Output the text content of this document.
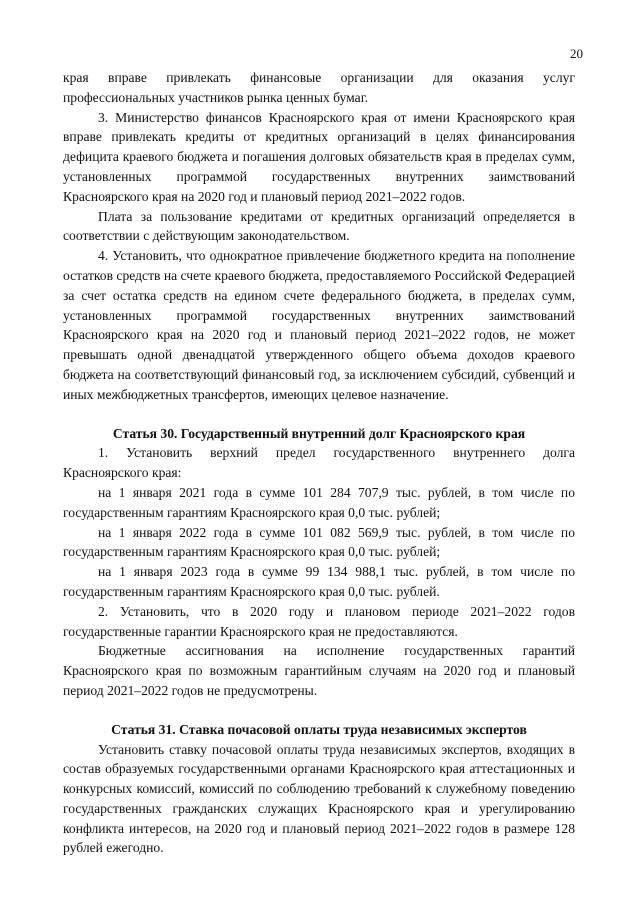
20

края вправе привлекать финансовые организации для оказания услуг профессиональных участников рынка ценных бумаг.

3. Министерство финансов Красноярского края от имени Красноярского края вправе привлекать кредиты от кредитных организаций в целях финансирования дефицита краевого бюджета и погашения долговых обязательств края в пределах сумм, установленных программой государственных внутренних заимствований Красноярского края на 2020 год и плановый период 2021–2022 годов.

Плата за пользование кредитами от кредитных организаций определяется в соответствии с действующим законодательством.

4. Установить, что однократное привлечение бюджетного кредита на пополнение остатков средств на счете краевого бюджета, предоставляемого Российской Федерацией за счет остатка средств на едином счете федерального бюджета, в пределах сумм, установленных программой государственных внутренних заимствований Красноярского края на 2020 год и плановый период 2021–2022 годов, не может превышать одной двенадцатой утвержденного общего объема доходов краевого бюджета на соответствующий финансовый год, за исключением субсидий, субвенций и иных межбюджетных трансфертов, имеющих целевое назначение.

Статья 30. Государственный внутренний долг Красноярского края

1. Установить верхний предел государственного внутреннего долга Красноярского края:

на 1 января 2021 года в сумме 101 284 707,9 тыс. рублей, в том числе по государственным гарантиям Красноярского края 0,0 тыс. рублей;

на 1 января 2022 года в сумме 101 082 569,9 тыс. рублей, в том числе по государственным гарантиям Красноярского края 0,0 тыс. рублей;

на 1 января 2023 года в сумме 99 134 988,1 тыс. рублей, в том числе по государственным гарантиям Красноярского края 0,0 тыс. рублей.

2. Установить, что в 2020 году и плановом периоде 2021–2022 годов государственные гарантии Красноярского края не предоставляются.

Бюджетные ассигнования на исполнение государственных гарантий Красноярского края по возможным гарантийным случаям на 2020 год и плановый период 2021–2022 годов не предусмотрены.

Статья 31. Ставка почасовой оплаты труда независимых экспертов

Установить ставку почасовой оплаты труда независимых экспертов, входящих в состав образуемых государственными органами Красноярского края аттестационных и конкурсных комиссий, комиссий по соблюдению требований к служебному поведению государственных гражданских служащих Красноярского края и урегулированию конфликта интересов, на 2020 год и плановый период 2021–2022 годов в размере 128 рублей ежегодно.
